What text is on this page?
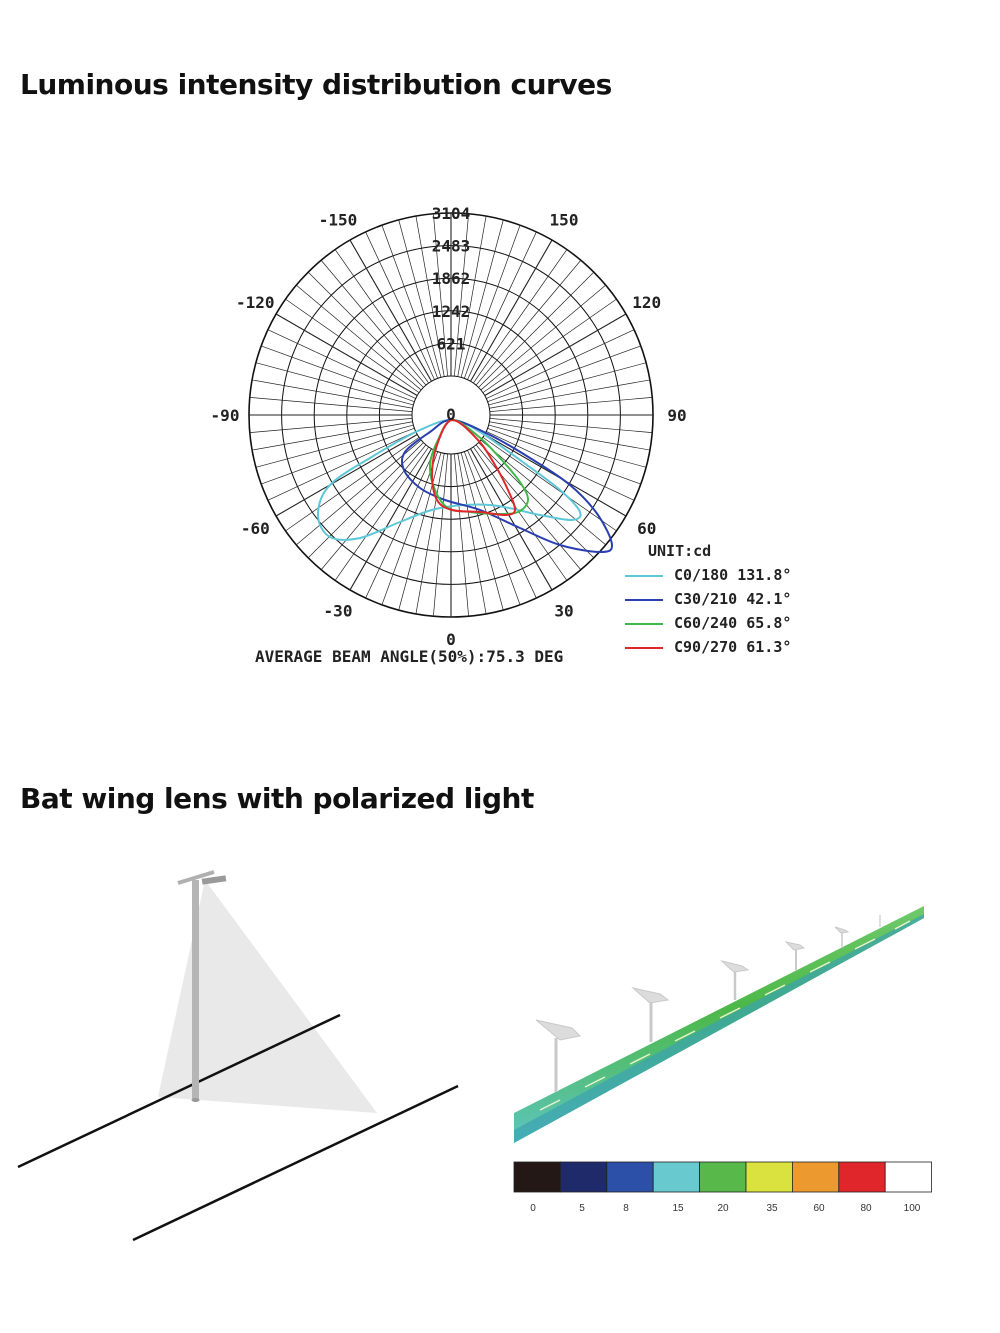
Luminous intensity distribution curves
3104
2483
1862
1242
621
0
-150	150
-120	120
-90	90
-60	60
-30	30
0
C0/180 131.8°
C30/210 42.1°
C60/240 65.8°
C90/270 61.3°
UNIT:cd
AVERAGE BEAM ANGLE(50%):75.3 DEG
Bat wing lens with polarized light
0	5	8	15	20	35	60	80	100
